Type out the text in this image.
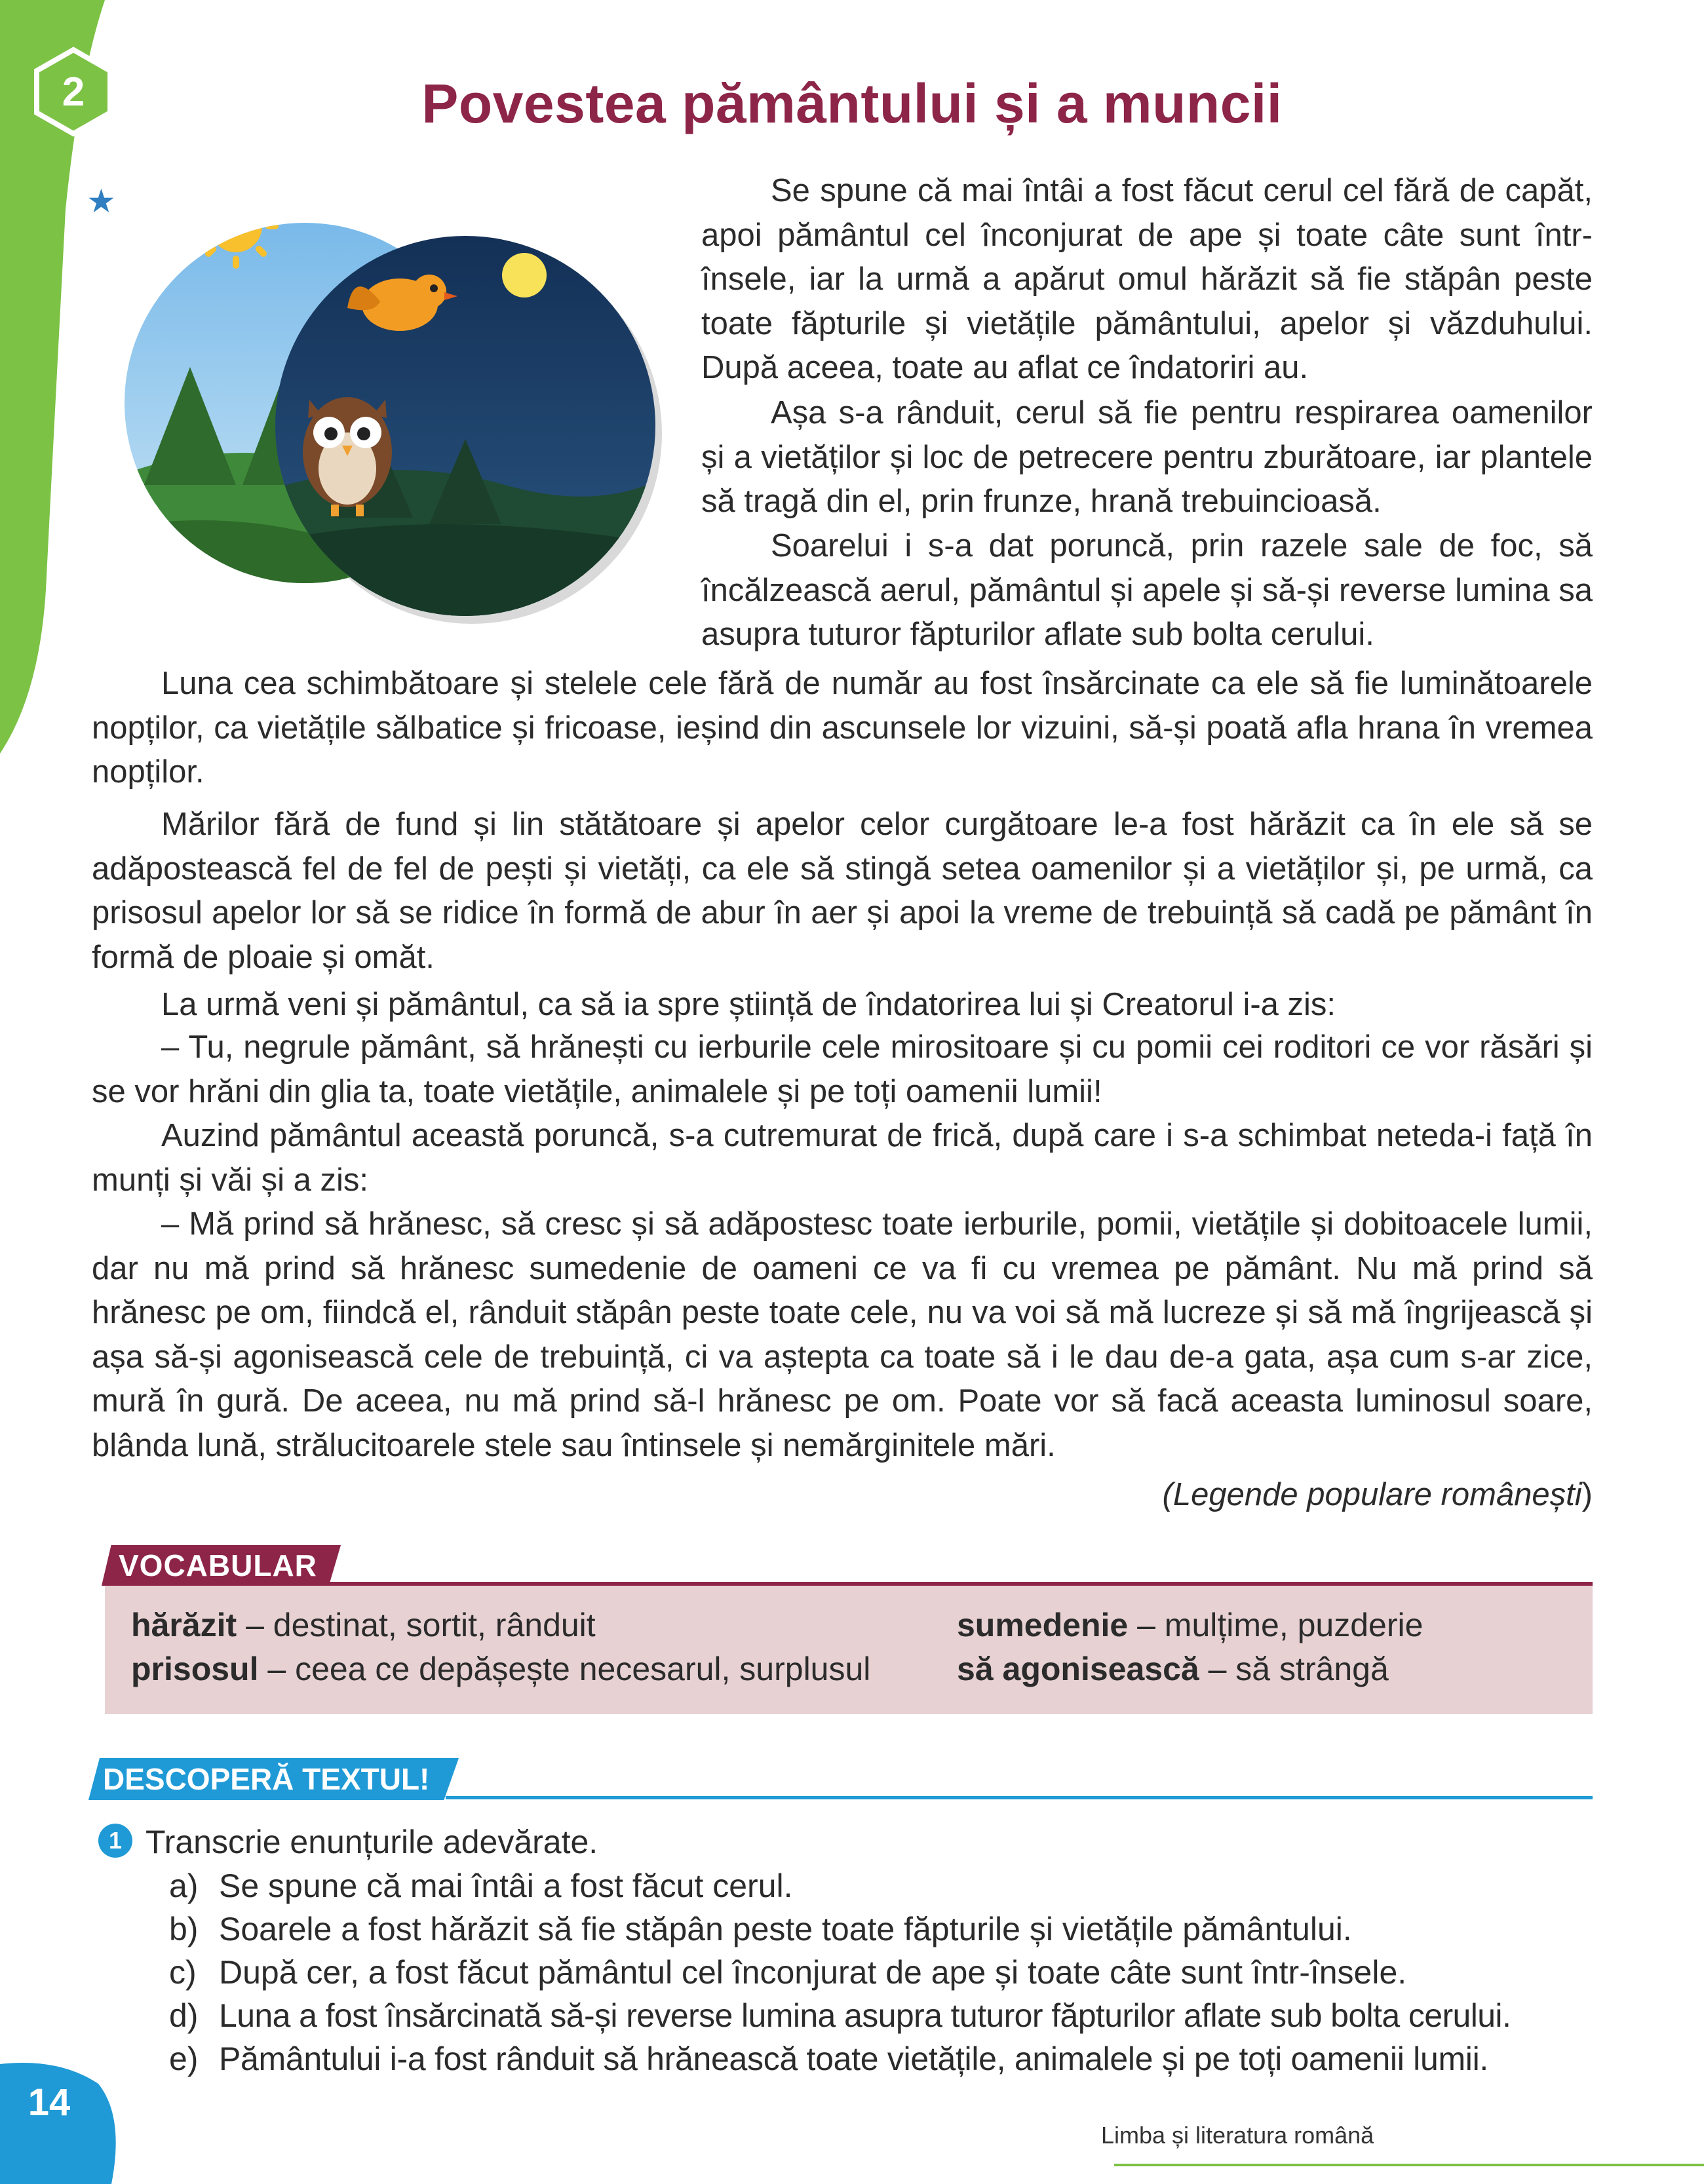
2	Povestea pământului și a muncii
★	Se spune că mai întâi a fost făcut cerul cel fără de capăt, apoi pământul cel înconjurat de ape și toate câte sunt într-însele, iar la urmă a apărut omul hărăzit să fie stăpân peste toate făpturile și vietățile pământului, apelor și văzduhului. După aceea, toate au aflat ce îndatoriri au.

Așa s-a rânduit, cerul să fie pentru respirarea oamenilor și a vietăților și loc de petrecere pentru zburătoare, iar plantele să tragă din el, prin frunze, hrană trebuincioasă.

Soarelui i s-a dat poruncă, prin razele sale de foc, să încălzească aerul, pământul și apele și să-și reverse lumina sa asupra tuturor făpturilor aflate sub bolta cerului.

Luna cea schimbătoare și stelele cele fără de număr au fost însărcinate ca ele să fie luminătoarele nopților, ca vietățile sălbatice și fricoase, ieșind din ascunsele lor vizuini, să-și poată afla hrana în vremea nopților.

Mărilor fără de fund și lin stătătoare și apelor celor curgătoare le-a fost hărăzit ca în ele să se adăpostească fel de fel de pești și vietăți, ca ele să stingă setea oamenilor și a vietăților și, pe urmă, ca prisosul apelor lor să se ridice în formă de abur în aer și apoi la vreme de trebuință să cadă pe pământ în formă de ploaie și omăt.

La urmă veni și pământul, ca să ia spre știință de îndatorirea lui și Creatorul i-a zis:

– Tu, negrule pământ, să hrănești cu ierburile cele mirositoare și cu pomii cei roditori ce vor răsări și se vor hrăni din glia ta, toate vietățile, animalele și pe toți oamenii lumii!

Auzind pământul această poruncă, s-a cutremurat de frică, după care i s-a schimbat neteda-i față în munți și văi și a zis:

– Mă prind să hrănesc, să cresc și să adăpostesc toate ierburile, pomii, vietățile și dobitoacele lumii, dar nu mă prind să hrănesc sumedenie de oameni ce va fi cu vremea pe pământ. Nu mă prind să hrănesc pe om, fiindcă el, rânduit stăpân peste toate cele, nu va voi să mă lucreze și să mă îngrijească și așa să-și agonisească cele de trebuință, ci va aștepta ca toate să i le dau de-a gata, așa cum s-ar zice, mură în gură. De aceea, nu mă prind să-l hrănesc pe om. Poate vor să facă aceasta luminosul soare, blânda lună, strălucitoarele stele sau întinsele și nemărginitele mări.

(Legende populare românești)

VOCABULAR

hărăzit – destinat, sortit, rânduit

prisosul – ceea ce depășește necesarul, surplusul

sumedenie – mulțime, puzderie

să agonisească – să strângă

DESCOPERĂ TEXTUL!
1 Transcrie enunțurile adevărate.

a) Se spune că mai întâi a fost făcut cerul.

b) Soarele a fost hărăzit să fie stăpân peste toate făpturile și vietățile pământului.

c) După cer, a fost făcut pământul cel înconjurat de ape și toate câte sunt într-însele.

d) Luna a fost însărcinată să-și reverse lumina asupra tuturor făpturilor aflate sub bolta cerului.

e) Pământului i-a fost rânduit să hrănească toate vietățile, animalele și pe toți oamenii lumii.

14

Limba și literatura română
